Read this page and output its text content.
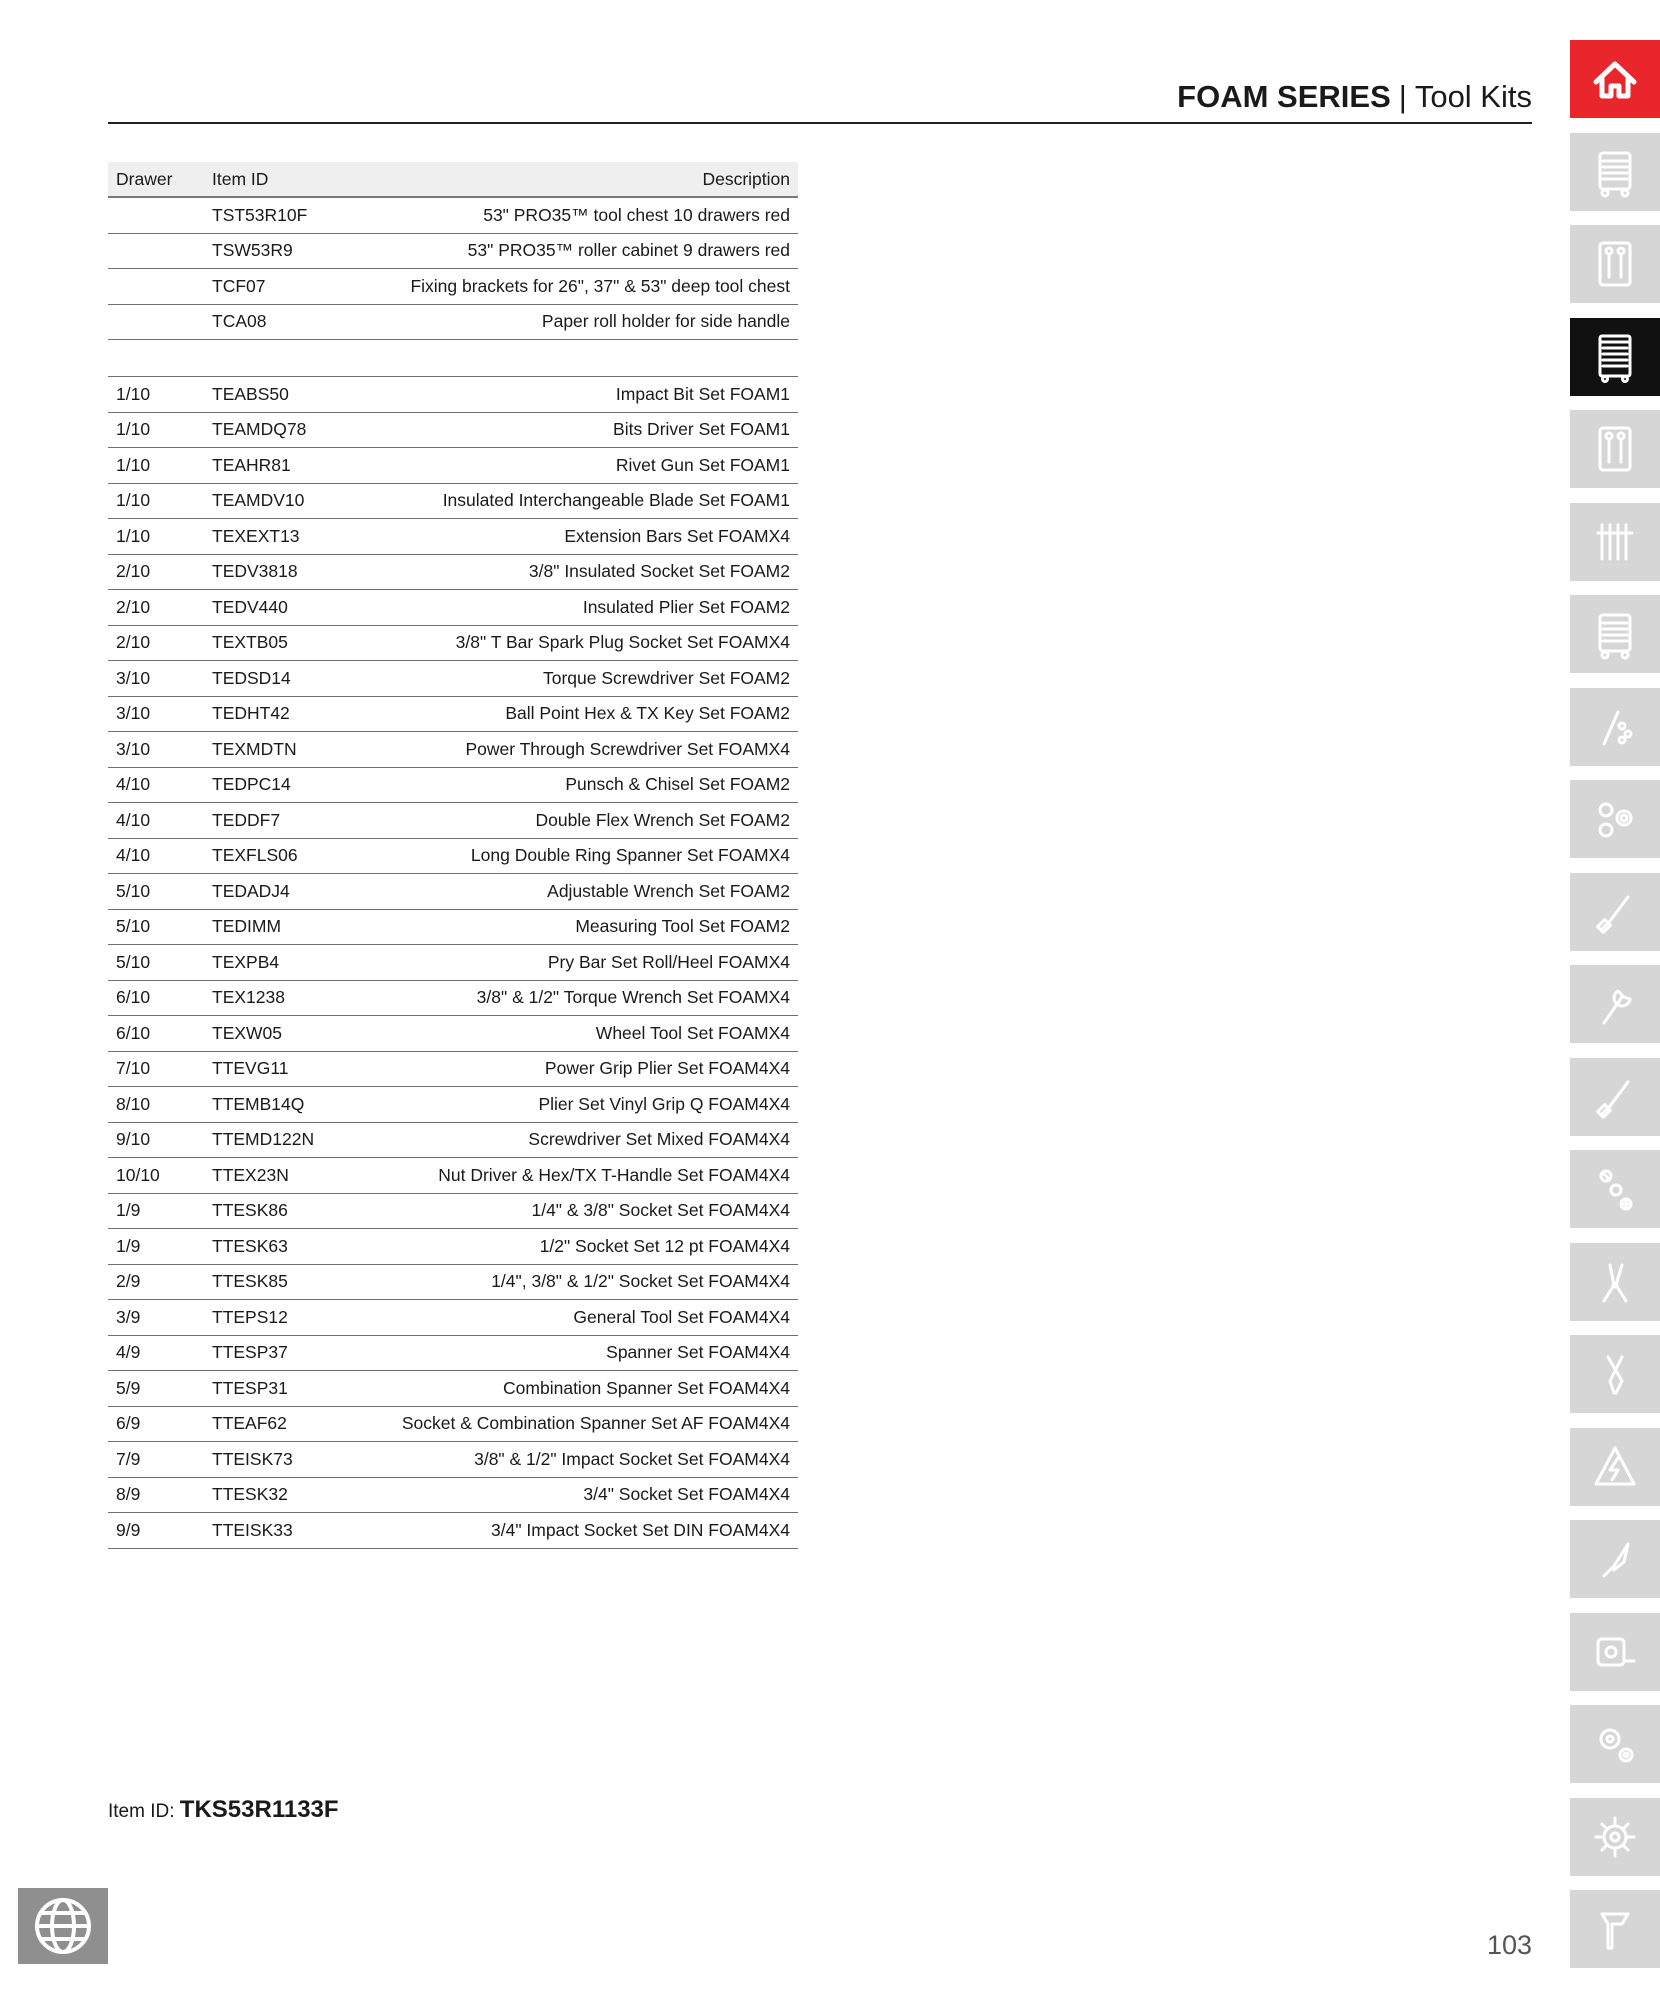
FOAM SERIES | Tool Kits
Drawer	Item ID	Description
	TST53R10F	53" PRO35™ tool chest 10 drawers red
	TSW53R9	53" PRO35™ roller cabinet 9 drawers red
	TCF07	Fixing brackets for 26", 37" & 53" deep tool chest
	TCA08	Paper roll holder for side handle

1/10	TEABS50	Impact Bit Set FOAM1
1/10	TEAMDQ78	Bits Driver Set FOAM1
1/10	TEAHR81	Rivet Gun Set FOAM1
1/10	TEAMDV10	Insulated Interchangeable Blade Set FOAM1
1/10	TEXEXT13	Extension Bars Set FOAMX4
2/10	TEDV3818	3/8" Insulated Socket Set FOAM2
2/10	TEDV440	Insulated Plier Set FOAM2
2/10	TEXTB05	3/8" T Bar Spark Plug Socket Set FOAMX4
3/10	TEDSD14	Torque Screwdriver Set FOAM2
3/10	TEDHT42	Ball Point Hex & TX Key Set FOAM2
3/10	TEXMDTN	Power Through Screwdriver Set FOAMX4
4/10	TEDPC14	Punsch & Chisel Set FOAM2
4/10	TEDDF7	Double Flex Wrench Set FOAM2
4/10	TEXFLS06	Long Double Ring Spanner Set FOAMX4
5/10	TEDADJ4	Adjustable Wrench Set FOAM2
5/10	TEDIMM	Measuring Tool Set FOAM2
5/10	TEXPB4	Pry Bar Set Roll/Heel FOAMX4
6/10	TEX1238	3/8" & 1/2" Torque Wrench Set FOAMX4
6/10	TEXW05	Wheel Tool Set FOAMX4
7/10	TTEVG11	Power Grip Plier Set FOAM4X4
8/10	TTEMB14Q	Plier Set Vinyl Grip Q FOAM4X4
9/10	TTEMD122N	Screwdriver Set Mixed FOAM4X4
10/10	TTEX23N	Nut Driver & Hex/TX T-Handle Set FOAM4X4
1/9	TTESK86	1/4" & 3/8" Socket Set FOAM4X4
1/9	TTESK63	1/2" Socket Set 12 pt FOAM4X4
2/9	TTESK85	1/4", 3/8" & 1/2" Socket Set FOAM4X4
3/9	TTEPS12	General Tool Set FOAM4X4
4/9	TTESP37	Spanner Set FOAM4X4
5/9	TTESP31	Combination Spanner Set FOAM4X4
6/9	TTEAF62	Socket & Combination Spanner Set AF FOAM4X4
7/9	TTEISK73	3/8" & 1/2" Impact Socket Set FOAM4X4
8/9	TTESK32	3/4" Socket Set FOAM4X4
9/9	TTEISK33	3/4" Impact Socket Set DIN FOAM4X4
Item ID: TKS53R1133F
103
